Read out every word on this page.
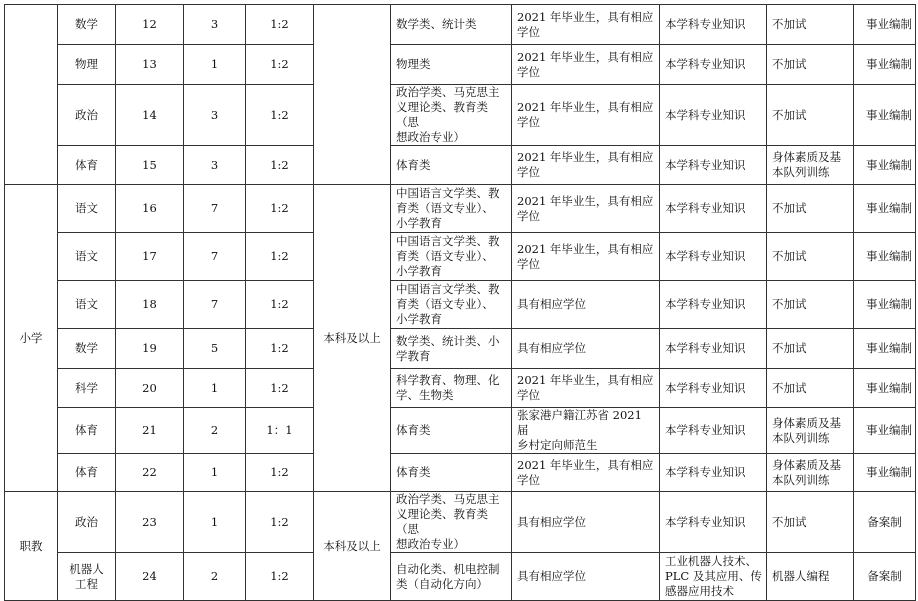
	数学	12	3	1:2		数学类、统计类	2021 年毕业生，具有相应
学位	本学科专业知识	不加试	事业编制

	物理	13	1	1:2		物理类	2021 年毕业生，具有相应
学位	本学科专业知识	不加试	事业编制

	政治	14	3	1:2		政治学类、马克思主
义理论类、教育类（思
想政治专业）	2021 年毕业生，具有相应
学位	本学科专业知识	不加试	事业编制

	体育	15	3	1:2		体育类	2021 年毕业生，具有相应
学位	本学科专业知识	身体素质及基
本队列训练	事业编制

小学	语文	16	7	1:2	本科及以上	中国语言文学类、教
育类（语文专业）、
小学教育	2021 年毕业生，具有相应
学位	本学科专业知识	不加试	事业编制

	语文	17	7	1:2		中国语言文学类、教
育类（语文专业）、
小学教育	2021 年毕业生，具有相应
学位	本学科专业知识	不加试	事业编制

	语文	18	7	1:2		中国语言文学类、教
育类（语文专业）、
小学教育	具有相应学位	本学科专业知识	不加试	事业编制

	数学	19	5	1:2		数学类、统计类、小
学教育	具有相应学位	本学科专业知识	不加试	事业编制

	科学	20	1	1:2		科学教育、物理、化
学、生物类	2021 年毕业生，具有相应
学位	本学科专业知识	不加试	事业编制

	体育	21	2	1：1		体育类	张家港户籍江苏省 2021 届
乡村定向师范生	本学科专业知识	身体素质及基
本队列训练	事业编制

	体育	22	1	1:2		体育类	2021 年毕业生，具有相应
学位	本学科专业知识	身体素质及基
本队列训练	事业编制

职教	政治	23	1	1:2	本科及以上	政治学类、马克思主
义理论类、教育类（思
想政治专业）	具有相应学位	本学科专业知识	不加试	备案制

	机器人
工程	24	2	1:2		自动化类、机电控制
类（自动化方向）	具有相应学位	工业机器人技术、
PLC 及其应用、传
感器应用技术	机器人编程	备案制
